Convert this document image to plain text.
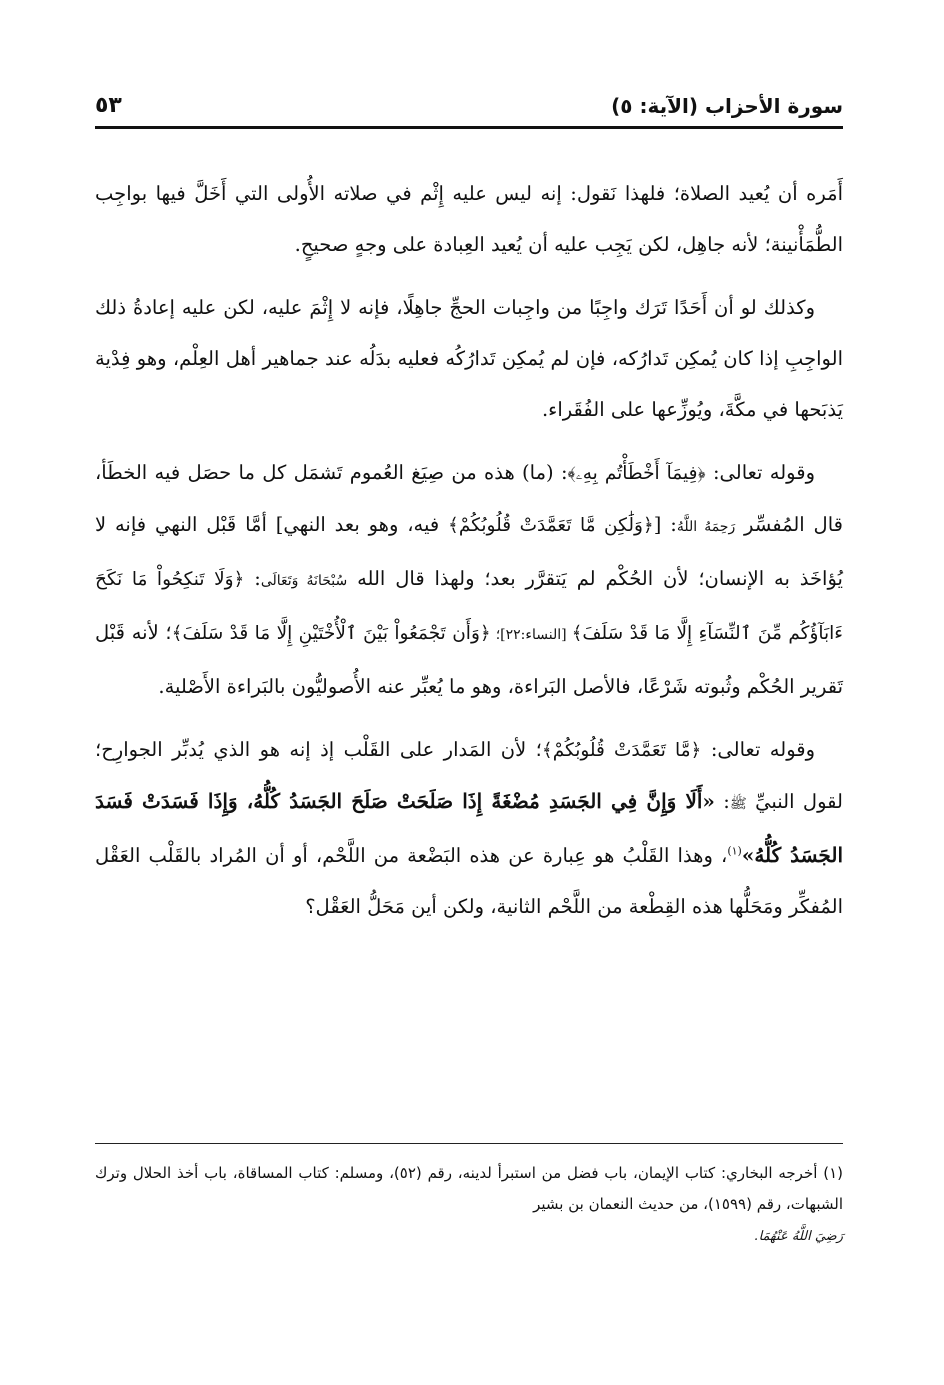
سورة الأحزاب (الآية: ٥)
٥٣

أَمَره أن يُعيد الصلاة؛ فلهذا نَقول: إنه ليس عليه إِثْم في صلاته الأُولى التي أَخَلَّ فيها بواجِب الطُّمَأْنينة؛ لأنه جاهِل، لكن يَجِب عليه أن يُعيد العِبادة على وجهٍ صحيحٍ.

وكذلك لو أن أَحَدًا تَرَك واجِبًا من واجِبات الحجِّ جاهِلًا، فإنه لا إِثْمَ عليه، لكن عليه إعادةُ ذلك الواجِبِ إذا كان يُمكِن تَدارُكه، فإن لم يُمكِن تَدارُكُه فعليه بدَلُه عند جماهير أهل العِلْم، وهو فِدْية يَذبَحها في مكَّةَ، ويُوزِّعها على الفُقَراء.

وقوله تعالى: ﴿فِيمَآ أَخْطَأْتُم بِهِۦ﴾: (ما) هذه من صِيَغ العُموم تَشمَل كل ما حصَل فيه الخطَأ، قال المُفسِّر رَحِمَهُ اللَّهُ: [﴿وَلَٰكِن مَّا تَعَمَّدَتْ قُلُوبُكُمْ﴾ فيه، وهو بعد النهي] أمَّا قَبْل النهي فإنه لا يُؤاخَذ به الإنسان؛ لأن الحُكْم لم يَتقرَّر بعد؛ ولهذا قال الله سُبْحَانَهُ وَتَعَالَى: ﴿وَلَا تَنكِحُواْ مَا نَكَحَ ءَابَآؤُكُم مِّنَ ٱلنِّسَآءِ إِلَّا مَا قَدْ سَلَفَ﴾ [النساء:٢٢]؛ ﴿وَأَن تَجْمَعُواْ بَيْنَ ٱلْأُخْتَيْنِ إِلَّا مَا قَدْ سَلَفَ﴾؛ لأنه قَبْل تَقرير الحُكْم وثُبوته شَرْعًا، فالأصل البَراءة، وهو ما يُعبِّر عنه الأُصوليُّون بالبَراءة الأَصْلية.

وقوله تعالى: ﴿مَّا تَعَمَّدَتْ قُلُوبُكُمْ﴾؛ لأن المَدار على القَلْب إذ إنه هو الذي يُدبِّر الجوارِح؛ لقول النبيِّ ﷺ: «أَلَا وَإِنَّ فِي الجَسَدِ مُضْغَةً إِذَا صَلَحَتْ صَلَحَ الجَسَدُ كُلُّهُ، وَإِذَا فَسَدَتْ فَسَدَ الجَسَدُ كُلُّهُ»$^{(١)}$، وهذا القَلْبُ هو عِبارة عن هذه البَضْعة من اللَّحْم، أو أن المُراد بالقَلْب العَقْل المُفكِّر ومَحَلُّها هذه القِطْعة من اللَّحْم الثانية، ولكن أين مَحَلُّ العَقْل؟

(١) أخرجه البخاري: كتاب الإيمان، باب فضل من استبرأ لدينه، رقم (٥٢)، ومسلم: كتاب المساقاة، باب أخذ الحلال وترك الشبهات، رقم (١٥٩٩)، من حديث النعمان بن بشير
رَضِيَ اللَّهُ عَنْهُمَا.
